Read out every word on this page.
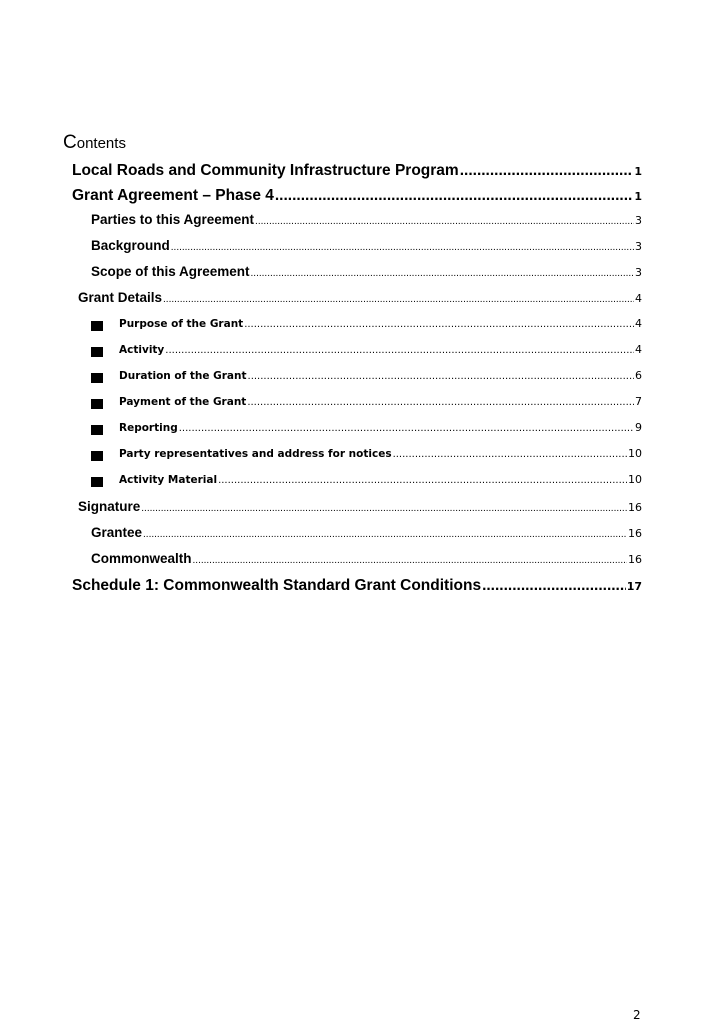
Contents
Local Roads and Community Infrastructure Program .....	1
Grant Agreement – Phase 4 .....	1
Parties to this Agreement .....	3
Background .....	3
Scope of this Agreement .....	3
Grant Details .....	4
Purpose of the Grant .....	4
Activity .....	4
Duration of the Grant .....	6
Payment of the Grant .....	7
Reporting .....	9
Party representatives and address for notices .....	10
Activity Material .....	10
Signature .....	16
Grantee .....	16
Commonwealth .....	16
Schedule 1: Commonwealth Standard Grant Conditions .....	17
2
